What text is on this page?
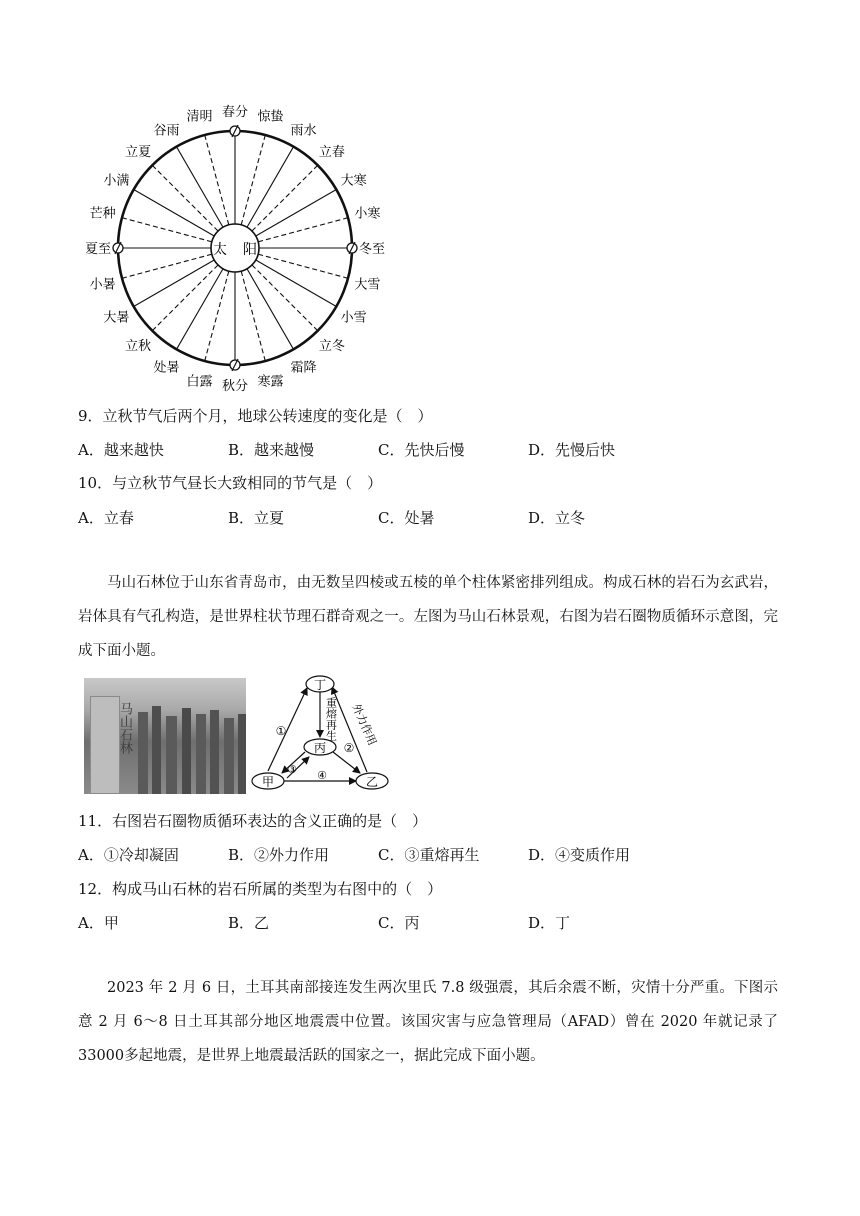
太 阳
春分 惊蛰
雨水
立春
大寒
小寒
冬至
大雪
小雪
立冬
霜降
寒露
秋分
白露
处暑
立秋
大暑
小暑
夏至
芒种
小满
立夏
谷雨
清明
9．立秋节气后两个月，地球公转速度的变化是（　）
A．越来越快	B．越来越慢	C．先快后慢	D．先慢后快
10．与立秋节气昼长大致相同的节气是（　）
A．立春	B．立夏	C．处暑	D．立冬
马山石林位于山东省青岛市，由无数呈四棱或五棱的单个柱体紧密排列组成。构成石林的岩石为玄武岩，岩体具有气孔构造，是世界柱状节理石群奇观之一。左图为马山石林景观，右图为岩石圈物质循环示意图，完成下面小题。
马山石林
丁
丙
甲	乙
①
②
③ ④
重熔再生 外力作用
11．右图岩石圈物质循环表达的含义正确的是（　）
A．①冷却凝固	B．②外力作用	C．③重熔再生	D．④变质作用
12．构成马山石林的岩石所属的类型为右图中的（　）
A．甲	B．乙	C．丙	D．丁
2023 年 2 月 6 日，土耳其南部接连发生两次里氏 7.8 级强震，其后余震不断，灾情十分严重。下图示意 2 月 6～8 日土耳其部分地区地震震中位置。该国灾害与应急管理局（AFAD）曾在 2020 年就记录了 33000多起地震，是世界上地震最活跃的国家之一，据此完成下面小题。
